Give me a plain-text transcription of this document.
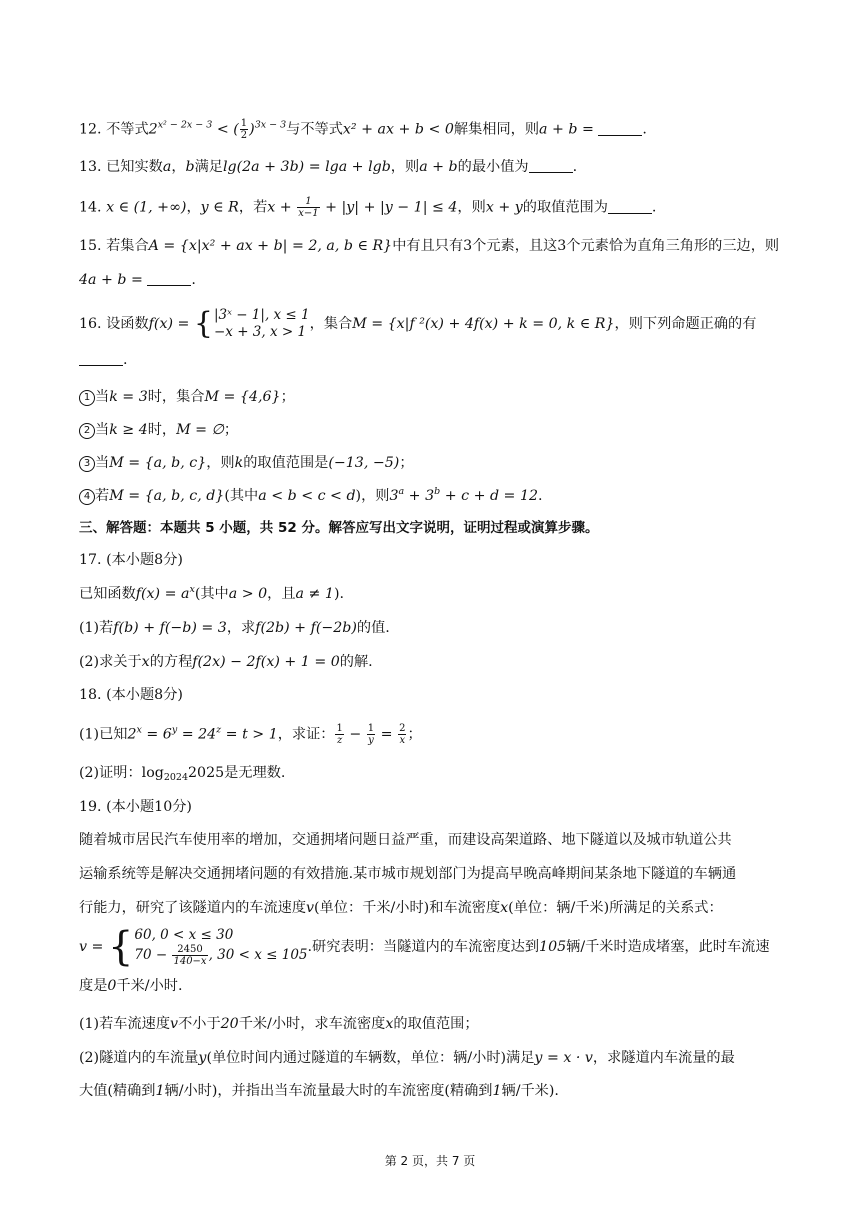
12. 不等式$2^{x^2 - 2x - 3}$ < ( $\frac{1}{2} )^{3x - 3}$与不等式x² + ax + b < 0解集相同，则a + b =	.
13. 已知实数a，b满足lg(2a + 3b) = lga + lgb，则a + b的最小值为	.
14. x ∈ (1, +∞)，y ∈ R，若$x + \frac{1}{x-1} + |y| + |y - 1| \le 4$，则x + y的取值范围为	.
15. 若集合A = {x|x² + ax + b| = 2, a, b ∈ R}中有且只有3个元素，且这3个元素恰为直角三角形的三边，则
4a + b =	.
16. 设函数f(x) = { |3ˣ − 1|, x ≤ 1
−x + 3, x > 1 ，集合M = {x|f ²(x) + 4f(x) + k = 0, k ∈ R}，则下列命题正确的有
.
1 当k = 3时，集合M = {4,6}；
2 当k ≥ 4时，M = ∅；
3 当M = {a, b, c}，则k的取值范围是(−13, −5)；
4 若M = {a, b, c, d}(其中a < b < c < d)，则$3^a + 3^b + c + d = 12$.
三、解答题：本题共 5 小题，共 52 分。解答应写出文字说明，证明过程或演算步骤。
17. (本小题8分)
已知函数$f(x) = a^x$(其中a > 0，且a ≠ 1).
(1)若f(b) + f(−b) = 3，求f(2b) + f(−2b)的值.
(2)求关于x的方程f(2x) − 2f(x) + 1 = 0的解.
18. (本小题8分)
(1)已知$2^x = 6^y = 24^z = t > 1$，求证： $\frac{1}{z} - \frac{1}{y} = \frac{2}{x}$ ；
(2)证明：$\log_{2024}2025$是无理数.
19. (本小题10分)
随着城市居民汽车使用率的增加，交通拥堵问题日益严重，而建设高架道路、地下隧道以及城市轨道公共
运输系统等是解决交通拥堵问题的有效措施.某市城市规划部门为提高早晚高峰期间某条地下隧道的车辆通
行能力，研究了该隧道内的车流速度v(单位：千米/小时)和车流密度x(单位：辆/千米)所满足的关系式：
v = { 60, 0 < x ≤ 30
$70 - \frac{2450}{140-x}$ , 30 < x ≤ 105 .研究表明：当隧道内的车流密度达到105辆/千米时造成堵塞，此时车流速
度是0千米/小时.
(1)若车流速度v不小于20千米/小时，求车流密度x的取值范围；
(2)隧道内的车流量y(单位时间内通过隧道的车辆数，单位：辆/小时)满足y = x · v，求隧道内车流量的最
大值(精确到1辆/小时)，并指出当车流量最大时的车流密度(精确到1辆/千米).
第 2 页，共 7 页
